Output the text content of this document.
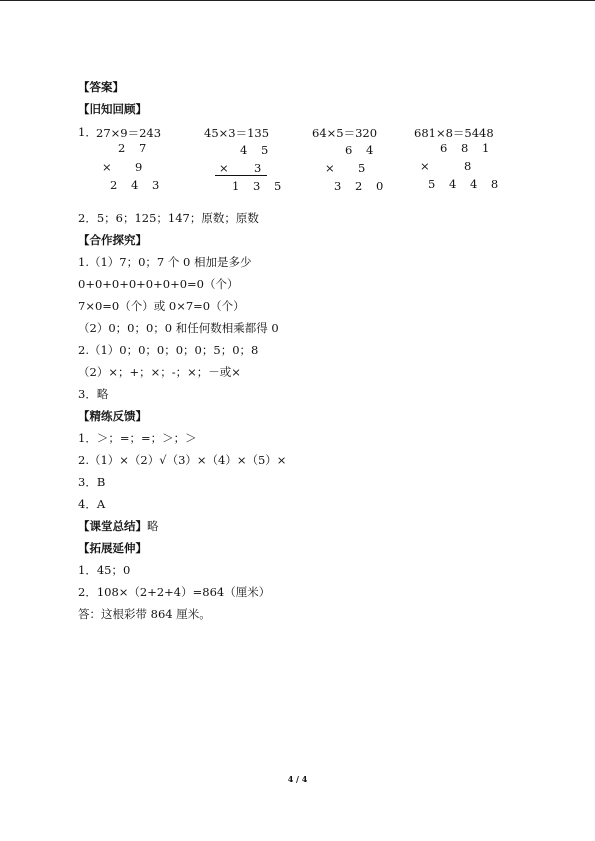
【答案】
【旧知回顾】
1． 27×9＝243	45×3＝135	64×5＝320	681×8＝5448
2 7
× 9
2 4 3
4 5
× 3
1 3 5
6 4
× 5
3 2 0
6 8 1
×	8
5 4 4 8
2．5；6；125；147；原数；原数
【合作探究】
1.（1）7；0；7 个 0 相加是多少
0+0+0+0+0+0+0=0（个）
7×0=0（个）或 0×7=0（个）
（2）0；0；0；0 和任何数相乘都得 0
2.（1）0；0；0；0；0；5；0；8
（2）×；+；×；-；×；－或×
3．略
【精练反馈】
1．＞；=；=；＞；＞
2.（1）×（2）√（3）×（4）×（5）×
3．B
4．A
【课堂总结】略
【拓展延伸】
1．45；0
2．108×（2+2+4）=864（厘米）
答：这根彩带 864 厘米。
4 / 4
